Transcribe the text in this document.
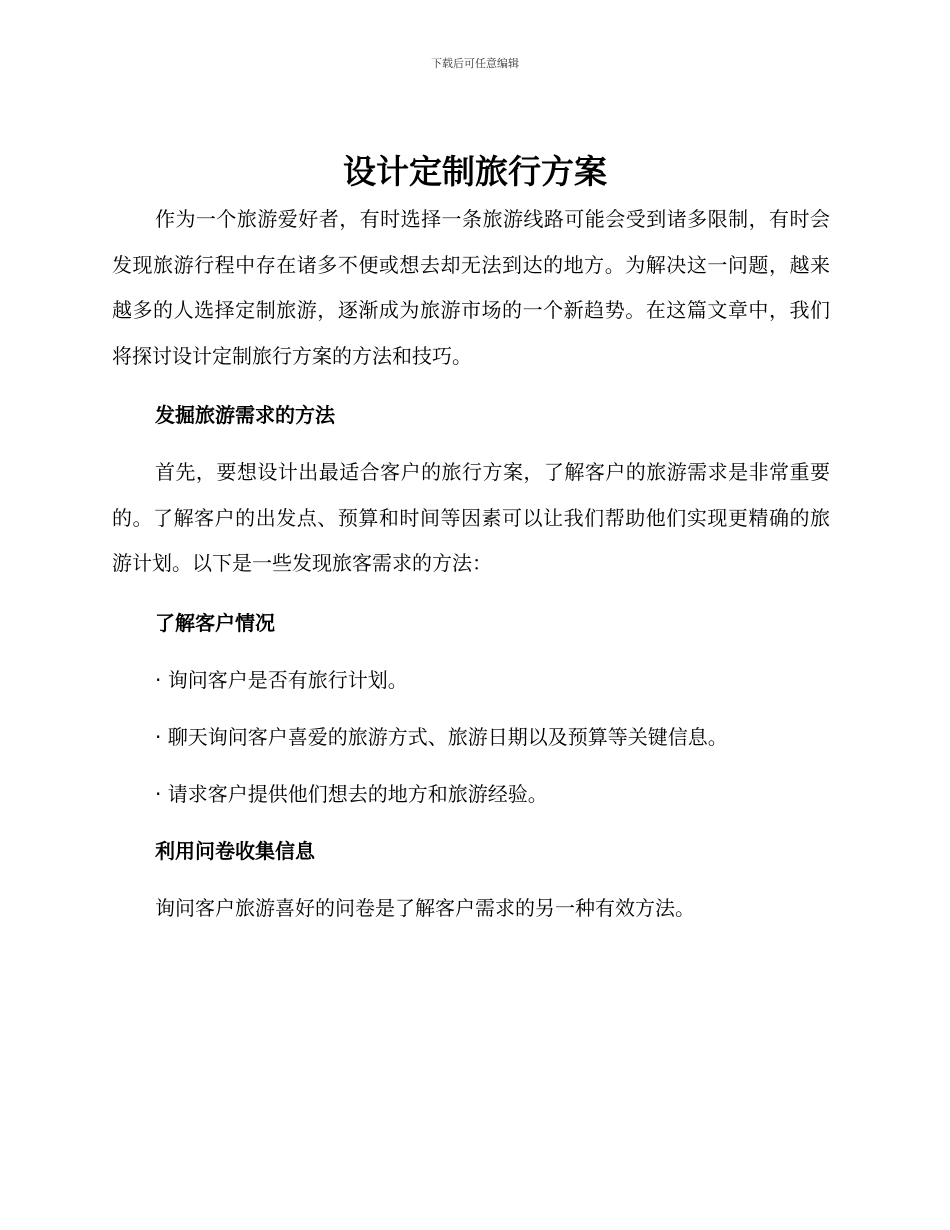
下载后可任意编辑
设计定制旅行方案

作为一个旅游爱好者，有时选择一条旅游线路可能会受到诸多限制，有时会发现旅游行程中存在诸多不便或想去却无法到达的地方。为解决这一问题，越来越多的人选择定制旅游，逐渐成为旅游市场的一个新趋势。在这篇文章中，我们将探讨设计定制旅行方案的方法和技巧。

发掘旅游需求的方法

首先，要想设计出最适合客户的旅行方案，了解客户的旅游需求是非常重要的。了解客户的出发点、预算和时间等因素可以让我们帮助他们实现更精确的旅游计划。以下是一些发现旅客需求的方法：

了解客户情况

· 询问客户是否有旅行计划。

· 聊天询问客户喜爱的旅游方式、旅游日期以及预算等关键信息。

· 请求客户提供他们想去的地方和旅游经验。

利用问卷收集信息

询问客户旅游喜好的问卷是了解客户需求的另一种有效方法。
